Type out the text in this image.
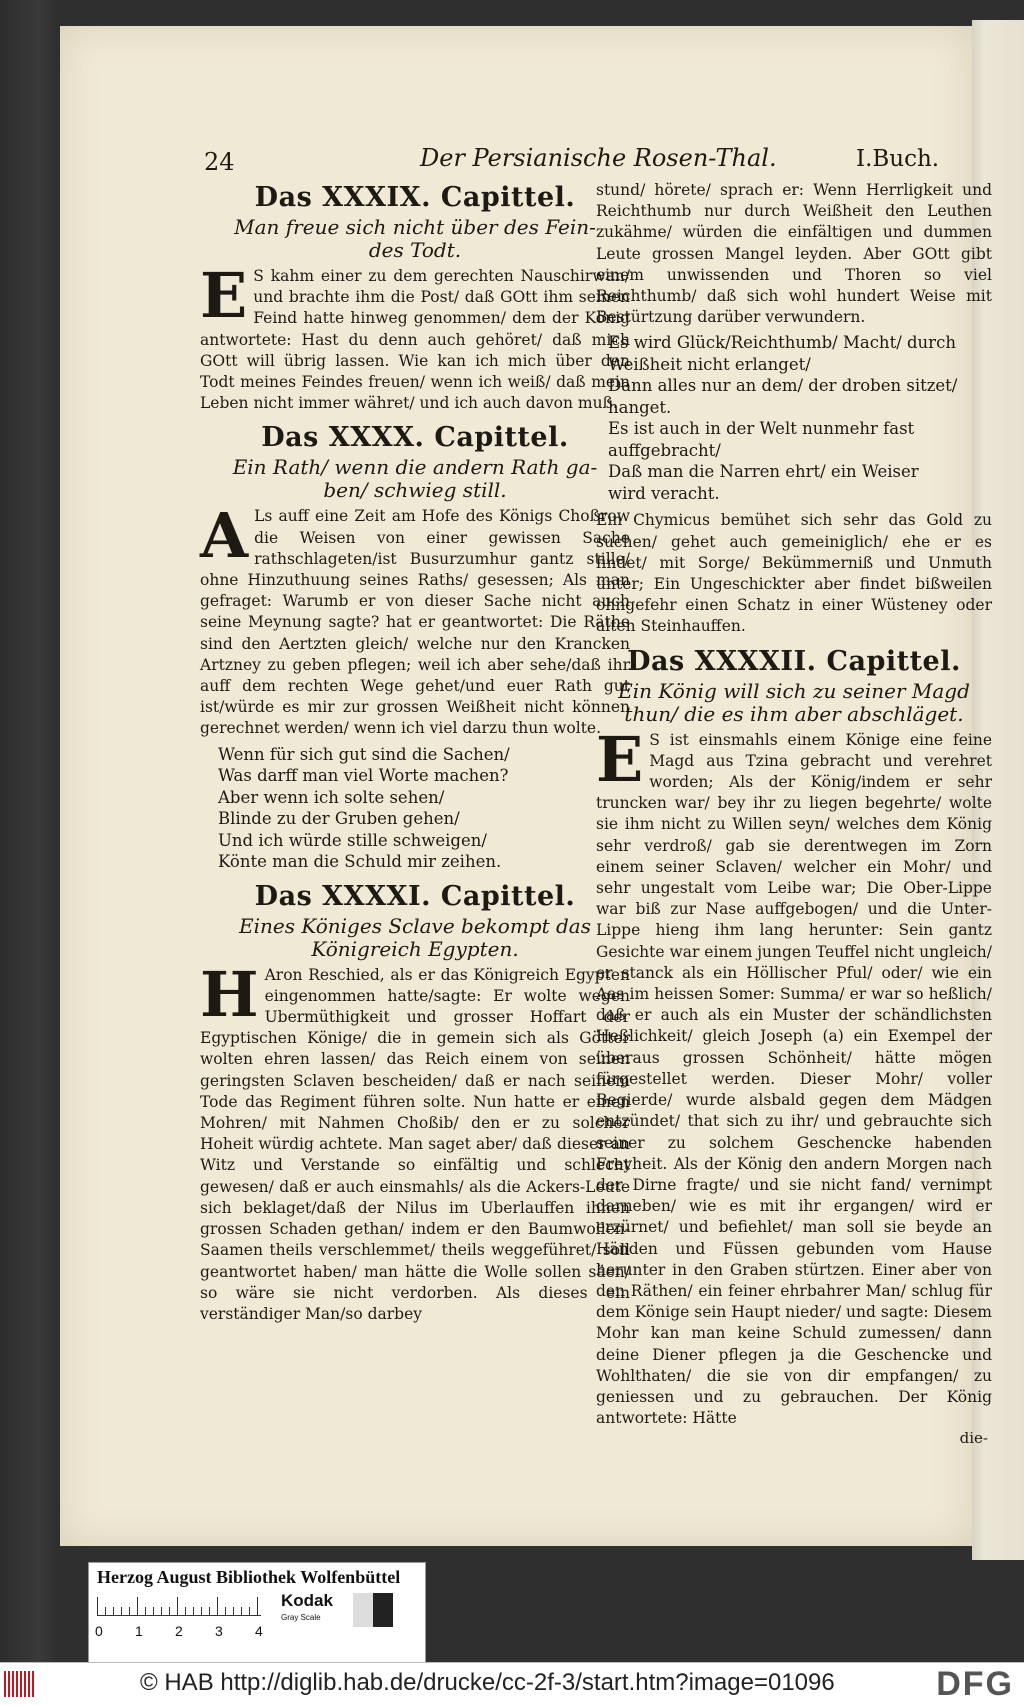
24	Der Persianische Rosen-Thal.	I.Buch.

Das XXXIX. Capittel.

Man freue sich nicht über des Fein-
des Todt.

E S kahm einer zu dem gerechten Nauschirwan/ und brachte ihm die Post/ daß GOtt ihm seinen Feind hatte hinweg genommen/ dem der König antwortete: Hast du denn auch gehöret/ daß mich GOtt will übrig lassen. Wie kan ich mich über den Todt meines Feindes freuen/ wenn ich weiß/ daß mein Leben nicht immer währet/ und ich auch davon muß.

Das XXXX. Capittel.

Ein Rath/ wenn die andern Rath ga-
ben/ schwieg still.

A Ls auff eine Zeit am Hofe des Königs Choßrow die Weisen von einer gewissen Sache rathschlageten/ist Busurzumhur gantz stille/ ohne Hinzuthuung seines Raths/ gesessen; Als man gefraget: Warumb er von dieser Sache nicht auch seine Meynung sagte? hat er geantwortet: Die Räthe sind den Aertzten gleich/ welche nur den Krancken Artzney zu geben pflegen; weil ich aber sehe/daß ihr auff dem rechten Wege gehet/und euer Rath gut ist/würde es mir zur grossen Weißheit nicht können gerechnet werden/ wenn ich viel darzu thun wolte.

Wenn für sich gut sind die Sachen/
Was darff man viel Worte machen?
Aber wenn ich solte sehen/
Blinde zu der Gruben gehen/
Und ich würde stille schweigen/
Könte man die Schuld mir zeihen.

Das XXXXI. Capittel.

Eines Königes Sclave bekompt das
Königreich Egypten.

H Aron Reschied, als er das Königreich Egypten eingenommen hatte/sagte: Er wolte wegen Ubermüthigkeit und grosser Hoffart der Egyptischen Könige/ die in gemein sich als Götter wolten ehren lassen/ das Reich einem von seinen geringsten Sclaven bescheiden/ daß er nach seinem Tode das Regiment führen solte. Nun hatte er einen Mohren/ mit Nahmen Choßib/ den er zu solcher Hoheit würdig achtete. Man saget aber/ daß dieser an Witz und Verstande so einfältig und schlecht gewesen/ daß er auch einsmahls/ als die Ackers-Leute sich beklaget/daß der Nilus im Uberlauffen ihnen grossen Schaden gethan/ indem er den Baumwollen-Saamen theils verschlemmet/ theils weggeführet/ soll geantwortet haben/ man hätte die Wolle sollen säen/ so wäre sie nicht verdorben. Als dieses ein verständiger Man/so darbey

stund/ hörete/ sprach er: Wenn Herrligkeit und Reichthumb nur durch Weißheit den Leuthen zukähme/ würden die einfältigen und dummen Leute grossen Mangel leyden. Aber GOtt gibt einem unwissenden und Thoren so viel Reichthumb/ daß sich wohl hundert Weise mit Bestürtzung darüber verwundern.

Es wird Glück/Reichthumb/ Macht/ durch
Weißheit nicht erlanget/
Dann alles nur an dem/ der droben sitzet/
hanget.
Es ist auch in der Welt nunmehr fast
auffgebracht/
Daß man die Narren ehrt/ ein Weiser
wird veracht.

Ein Chymicus bemühet sich sehr das Gold zu suchen/ gehet auch gemeiniglich/ ehe er es findet/ mit Sorge/ Bekümmerniß und Unmuth unter; Ein Ungeschickter aber findet bißweilen ohngefehr einen Schatz in einer Wüsteney oder alten Steinhauffen.

Das XXXXII. Capittel.

Ein König will sich zu seiner Magd
thun/ die es ihm aber abschläget.

E S ist einsmahls einem Könige eine feine Magd aus Tzina gebracht und verehret worden; Als der König/indem er sehr truncken war/ bey ihr zu liegen begehrte/ wolte sie ihm nicht zu Willen seyn/ welches dem König sehr verdroß/ gab sie derentwegen im Zorn einem seiner Sclaven/ welcher ein Mohr/ und sehr ungestalt vom Leibe war; Die Ober-Lippe war biß zur Nase auffgebogen/ und die Unter-Lippe hieng ihm lang herunter: Sein gantz Gesichte war einem jungen Teuffel nicht ungleich/ er stanck als ein Höllischer Pful/ oder/ wie ein Aas im heissen Somer: Summa/ er war so heßlich/ daß er auch als ein Muster der schändlichsten Heßlichkeit/ gleich Joseph (a) ein Exempel der überaus grossen Schönheit/ hätte mögen fürgestellet werden. Dieser Mohr/ voller Begierde/ wurde alsbald gegen dem Mädgen entzündet/ that sich zu ihr/ und gebrauchte sich seiner zu solchem Geschencke habenden Freyheit. Als der König den andern Morgen nach der Dirne fragte/ und sie nicht fand/ vernimpt darneben/ wie es mit ihr ergangen/ wird er erzürnet/ und befiehlet/ man soll sie beyde an Händen und Füssen gebunden vom Hause herunter in den Graben stürtzen. Einer aber von den Räthen/ ein feiner ehrbahrer Man/ schlug für dem Könige sein Haupt nieder/ und sagte: Diesem Mohr kan man keine Schuld zumessen/ dann deine Diener pflegen ja die Geschencke und Wohlthaten/ die sie von dir empfangen/ zu geniessen und zu gebrauchen. Der König antwortete: Hätte

die-
Herzog August Bibliothek Wolfenbüttel
0 1 2 3 4
Kodak
Gray Scale
© HAB http://diglib.hab.de/drucke/cc-2f-3/start.htm?image=01096	DFG
